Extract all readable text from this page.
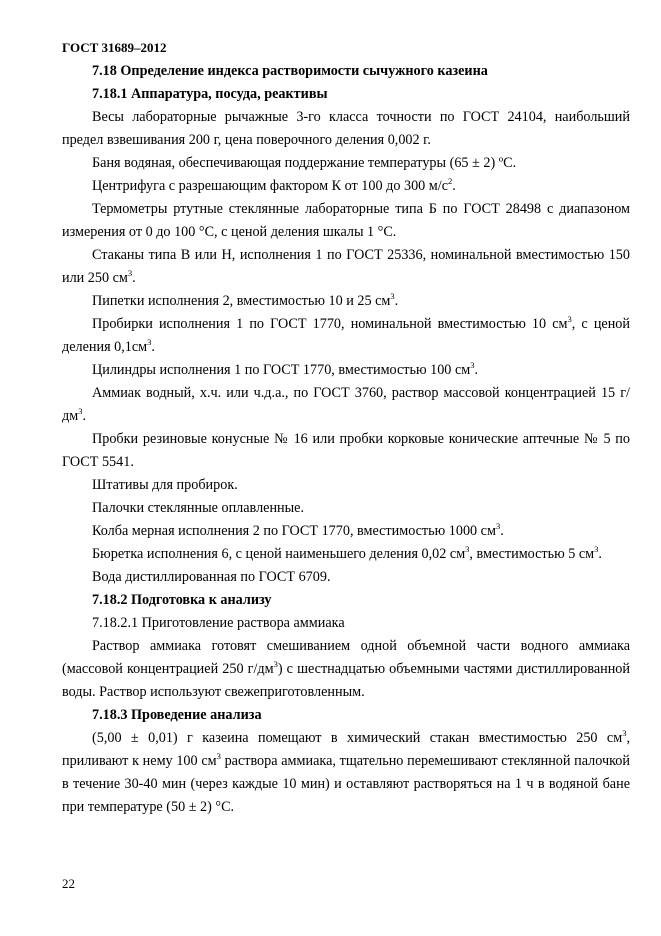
ГОСТ 31689–2012

7.18 Определение индекса растворимости сычужного казеина

7.18.1 Аппаратура, посуда, реактивы

Весы лабораторные рычажные 3-го класса точности по ГОСТ 24104, наибольший предел взвешивания 200 г, цена поверочного деления 0,002 г.

Баня водяная, обеспечивающая поддержание температуры (65 ± 2) ºС.

Центрифуга с разрешающим фактором К от 100 до 300 $м/с^2$.

Термометры ртутные стеклянные лабораторные типа Б по ГОСТ 28498 с диапазоном измерения от 0 до 100 °С, с ценой деления шкалы 1 °С.

Стаканы типа В или Н, исполнения 1 по ГОСТ 25336, номинальной вместимостью 150 или 250 $см^3$.

Пипетки исполнения 2, вместимостью 10 и 25 $см^3$.

Пробирки исполнения 1 по ГОСТ 1770, номинальной вместимостью 10 $см^3$, с ценой деления $0,1см^3$.

Цилиндры исполнения 1 по ГОСТ 1770, вместимостью 100 $см^3$.

Аммиак водный, х.ч. или ч.д.а., по ГОСТ 3760, раствор массовой концентрацией 15 $г/дм^3$.

Пробки резиновые конусные № 16 или пробки корковые конические аптечные № 5 по ГОСТ 5541.

Штативы для пробирок.

Палочки стеклянные оплавленные.

Колба мерная исполнения 2 по ГОСТ 1770, вместимостью 1000 $см^3$.

Бюретка исполнения 6, с ценой наименьшего деления 0,02 $см^3$, вместимостью 5 $см^3$.

Вода дистиллированная по ГОСТ 6709.

7.18.2 Подготовка к анализу

7.18.2.1 Приготовление раствора аммиака

Раствор аммиака готовят смешиванием одной объемной части водного аммиака (массовой концентрацией 250 $г/дм^3$) с шестнадцатью объемными частями дистиллированной воды. Раствор используют свежеприготовленным.

7.18.3 Проведение анализа

(5,00 ± 0,01) г казеина помещают в химический стакан вместимостью 250 $см^3$, приливают к нему 100 $см^3$ раствора аммиака, тщательно перемешивают стеклянной палочкой в течение 30-40 мин (через каждые 10 мин) и оставляют растворяться на 1 ч в водяной бане при температуре (50 ± 2) °С.

22
